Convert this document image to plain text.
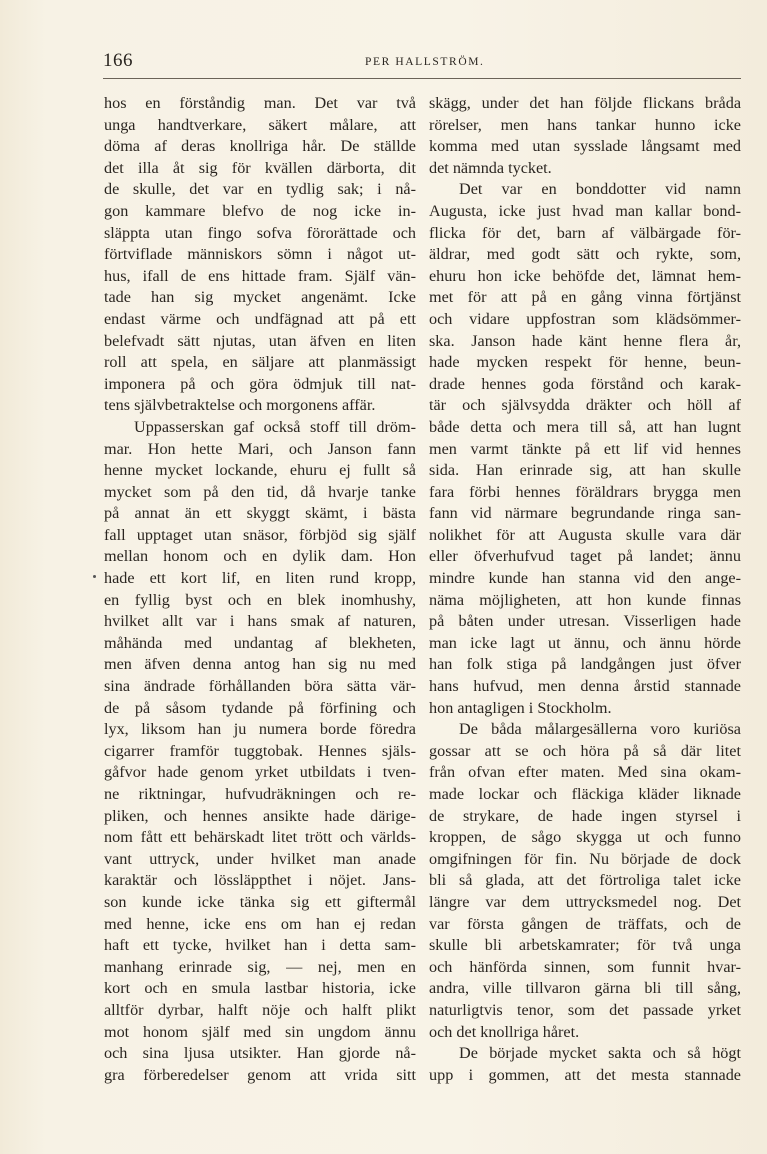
166	PER HALLSTRÖM.
hos en förståndig man. Det var två
unga handtverkare, säkert målare, att
döma af deras knollriga hår. De ställde
det illa åt sig för kvällen därborta, dit
de skulle, det var en tydlig sak; i nå-
gon kammare blefvo de nog icke in-
släppta utan fingo sofva förorättade och
förtviflade människors sömn i något ut-
hus, ifall de ens hittade fram. Själf vän-
tade han sig mycket angenämt. Icke
endast värme och undfägnad att på ett
belefvadt sätt njutas, utan äfven en liten
roll att spela, en säljare att planmässigt
imponera på och göra ödmjuk till nat-
tens självbetraktelse och morgonens affär.
Uppasserskan gaf också stoff till dröm-
mar. Hon hette Mari, och Janson fann
henne mycket lockande, ehuru ej fullt så
mycket som på den tid, då hvarje tanke
på annat än ett skyggt skämt, i bästa
fall upptaget utan snäsor, förbjöd sig själf
mellan honom och en dylik dam. Hon
hade ett kort lif, en liten rund kropp,
en fyllig byst och en blek inomhushy,
hvilket allt var i hans smak af naturen,
måhända med undantag af blekheten,
men äfven denna antog han sig nu med
sina ändrade förhållanden böra sätta vär-
de på såsom tydande på förfining och
lyx, liksom han ju numera borde föredra
cigarrer framför tuggtobak. Hennes själs-
gåfvor hade genom yrket utbildats i tven-
ne riktningar, hufvudräkningen och re-
pliken, och hennes ansikte hade därige-
nom fått ett behärskadt litet trött och världs-
vant uttryck, under hvilket man anade
karaktär och lössläppthet i nöjet. Jans-
son kunde icke tänka sig ett giftermål
med henne, icke ens om han ej redan
haft ett tycke, hvilket han i detta sam-
manhang erinrade sig, — nej, men en
kort och en smula lastbar historia, icke
alltför dyrbar, halft nöje och halft plikt
mot honom själf med sin ungdom ännu
och sina ljusa utsikter. Han gjorde nå-
gra förberedelser genom att vrida sitt
skägg, under det han följde flickans bråda
rörelser, men hans tankar hunno icke
komma med utan sysslade långsamt med
det nämnda tycket.
Det var en bonddotter vid namn
Augusta, icke just hvad man kallar bond-
flicka för det, barn af välbärgade för-
äldrar, med godt sätt och rykte, som,
ehuru hon icke behöfde det, lämnat hem-
met för att på en gång vinna förtjänst
och vidare uppfostran som klädsömmer-
ska. Janson hade känt henne flera år,
hade mycken respekt för henne, beun-
drade hennes goda förstånd och karak-
tär och självsydda dräkter och höll af
både detta och mera till så, att han lugnt
men varmt tänkte på ett lif vid hennes
sida. Han erinrade sig, att han skulle
fara förbi hennes föräldrars brygga men
fann vid närmare begrundande ringa san-
nolikhet för att Augusta skulle vara där
eller öfverhufvud taget på landet; ännu
mindre kunde han stanna vid den ange-
näma möjligheten, att hon kunde finnas
på båten under utresan. Visserligen hade
man icke lagt ut ännu, och ännu hörde
han folk stiga på landgången just öfver
hans hufvud, men denna årstid stannade
hon antagligen i Stockholm.
De båda målargesällerna voro kuriösa
gossar att se och höra på så där litet
från ofvan efter maten. Med sina okam-
made lockar och fläckiga kläder liknade
de strykare, de hade ingen styrsel i
kroppen, de sågo skygga ut och funno
omgifningen för fin. Nu började de dock
bli så glada, att det förtroliga talet icke
längre var dem uttrycksmedel nog. Det
var första gången de träffats, och de
skulle bli arbetskamrater; för två unga
och hänförda sinnen, som funnit hvar-
andra, ville tillvaron gärna bli till sång,
naturligtvis tenor, som det passade yrket
och det knollriga håret.
De började mycket sakta och så högt
upp i gommen, att det mesta stannade
